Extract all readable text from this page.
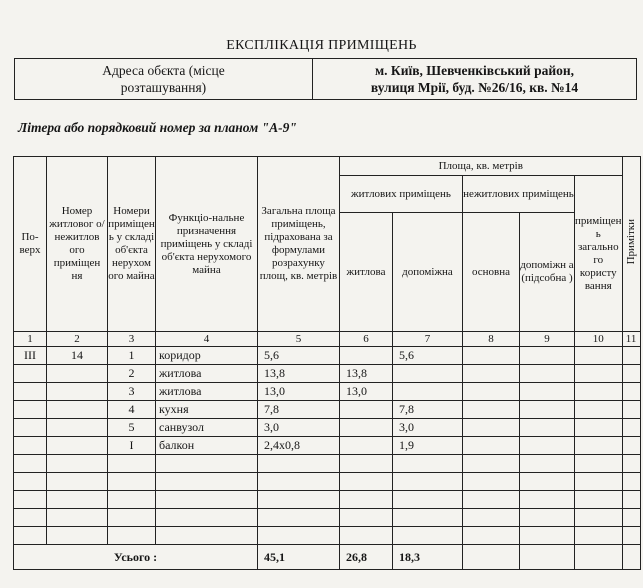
ЕКСПЛІКАЦІЯ ПРИМІЩЕНЬ
Адреса обєкта (місце
розташування)

м. Київ, Шевченківський район,
вулиця Мрії, буд. №26/16, кв. №14
Літера або порядковий номер за планом "А-9"
По-верх	Номер житловог о/ нежитлов ого приміщен ня	Номери приміщен ь у складі об'єкта нерухом ого майна	Функціо-нальне призначення приміщень у складі об'єкта нерухомого майна	Загальна площа приміщень, підрахована за формулами розрахунку площ, кв. метрів	Площа, кв. метрів					Примітки
					житлових приміщень		нежитлових приміщень		приміщен ь загально го користу вання	
					житлова	допоміжна	основна	допоміжн а (підсобна )		
1	2	3	4	5	6	7	8	9	10	11
III	14	1	коридор	5,6		5,6				
		2	житлова	13,8	13,8					
		3	житлова	13,0	13,0					
		4	кухня	7,8		7,8				
		5	санвузол	3,0		3,0				
		I	балкон	2,4x0,8		1,9				

Усього :				45,1	26,8	18,3				
